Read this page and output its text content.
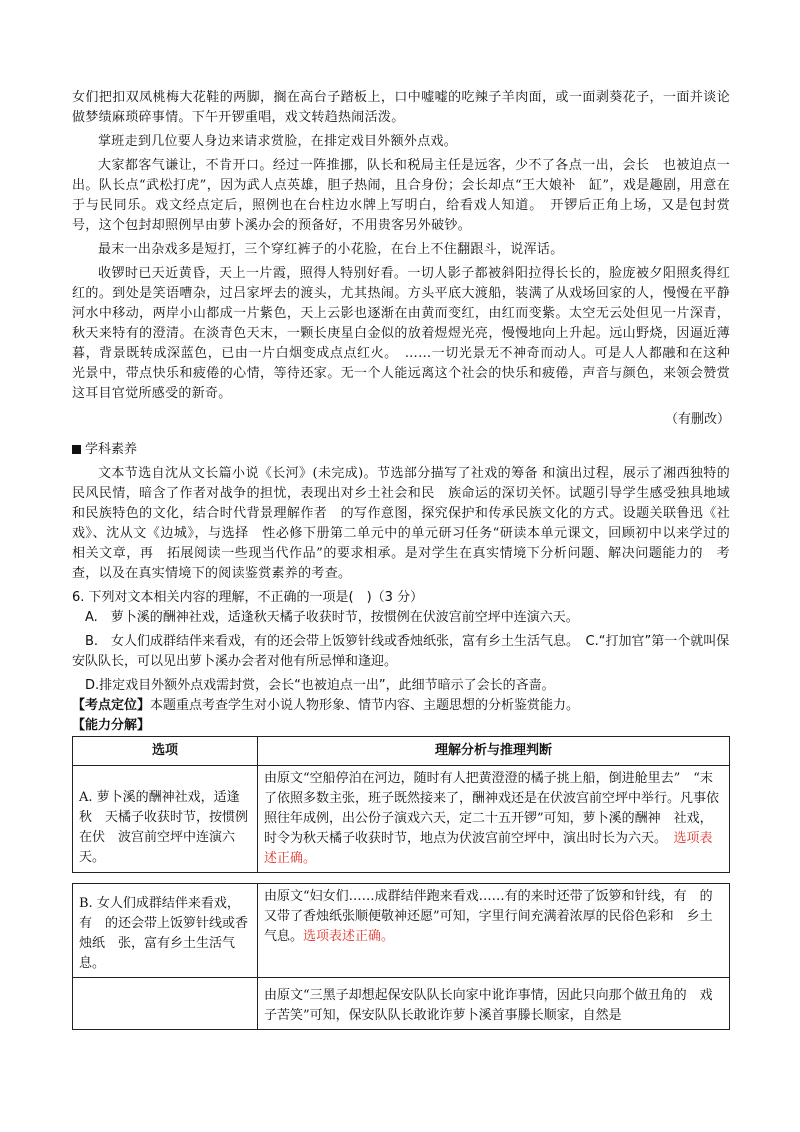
女们把扣双凤桃梅大花鞋的两脚，搁在高台子踏板上，口中嘘嘘的吃辣子羊肉面，或一面剥葵花子，一面并谈论做梦绩麻琐碎事情。下午开锣重唱，戏文转趋热闹活泼。

掌班走到几位要人身边来请求赏脸，在排定戏目外额外点戏。

大家都客气谦让，不肯开口。经过一阵推挪，队长和税局主任是远客，少不了各点一出，会长　也被迫点一出。队长点“武松打虎”，因为武人点英雄，胆子热闹，且合身份；会长却点“王大娘补　缸”，戏是趣剧，用意在于与民同乐。戏文经点定后，照例也在台柱边水牌上写明白，给看戏人知道。　开锣后正角上场，又是包封赏号，这个包封却照例早由萝卜溪办会的预备好，不用贵客另外破钞。

最末一出杂戏多是短打，三个穿红裤子的小花脸，在台上不住翻跟斗，说浑话。

收锣时已天近黄昏，天上一片霞，照得人特别好看。一切人影子都被斜阳拉得长长的，脸庞被夕阳照炙得红红的。到处是笑语嘈杂，过吕家坪去的渡头，尤其热闹。方头平底大渡船，装满了从戏场回家的人，慢慢在平静河水中移动，两岸小山都成一片紫色，天上云影也逐渐在由黄而变红，由红而变紫。太空无云处但见一片深青，秋天来特有的澄清。在淡青色天末，一颗长庚星白金似的放着煜煜光亮，慢慢地向上升起。远山野烧，因逼近薄暮，背景既转成深蓝色，已由一片白烟变成点点红火。　……一切光景无不神奇而动人。可是人人都融和在这种光景中，带点快乐和疲倦的心情，等待还家。无一个人能远离这个社会的快乐和疲倦，声音与颜色，来领会赞赏这耳目官觉所感受的新奇。

（有删改）
学科素养

文本节选自沈从文长篇小说《长河》(未完成)。节选部分描写了社戏的筹备 和演出过程，展示了湘西独特的民风民情，暗含了作者对战争的担忧，表现出对乡土社会和民　族命运的深切关怀。试题引导学生感受独具地域和民族特色的文化，结合时代背景理解作者　的写作意图，探究保护和传承民族文化的方式。设题关联鲁迅《社戏》、沈从文《边城》，与选择　性必修下册第二单元中的单元研习任务“研读本单元课文，回顾初中以来学过的相关文章，再　拓展阅读一些现当代作品”的要求相承。是对学生在真实情境下分析问题、解决问题能力的　考查，以及在真实情境下的阅读鉴赏素养的考查。

6. 下列对文本相关内容的理解，不正确的一项是(　)（3 分）

A.　萝卜溪的酬神社戏，适逢秋天橘子收获时节，按惯例在伏波宫前空坪中连演六天。

B.　女人们成群结伴来看戏，有的还会带上饭箩针线或香烛纸张，富有乡土生活气息。　C.“打加官”第一个就叫保安队队长，可以见出萝卜溪办会者对他有所忌惮和逢迎。

D.排定戏目外额外点戏需封赏，会长“也被迫点一出”，此细节暗示了会长的吝啬。

【考点定位】本题重点考查学生对小说人物形象、情节内容、主题思想的分析鉴赏能力。

【能力分解】

选项	理解分析与推理判断
A. 萝卜溪的酬神社戏，适逢秋　天橘子收获时节，按惯例在伏　波宫前空坪中连演六天。	由原文“空船停泊在河边，随时有人把黄澄澄的橘子挑上船，倒进舱里去”　“末了依照多数主张，班子既然接来了，酬神戏还是在伏波宫前空坪中举行。凡事依照往年成例，出公份子演戏六天，定二十五开锣”可知，萝卜溪的酬神　社戏，时令为秋天橘子收获时节，地点为伏波宫前空坪中，演出时长为六天。　 选项表述正确。
B. 女人们成群结伴来看戏，有　的还会带上饭箩针线或香烛纸　张，富有乡土生活气息。	由原文“妇女们……成群结伴跑来看戏……有的来时还带了饭箩和针线，有　的又带了香烛纸张顺便敬神还愿”可知，字里行间充满着浓厚的民俗色彩和　乡土气息。选项表述正确。
	由原文“三黑子却想起保安队队长向家中讹诈事情，因此只向那个做丑角的　戏子苦笑”可知，保安队队长敢讹诈萝卜溪首事滕长顺家，自然是
